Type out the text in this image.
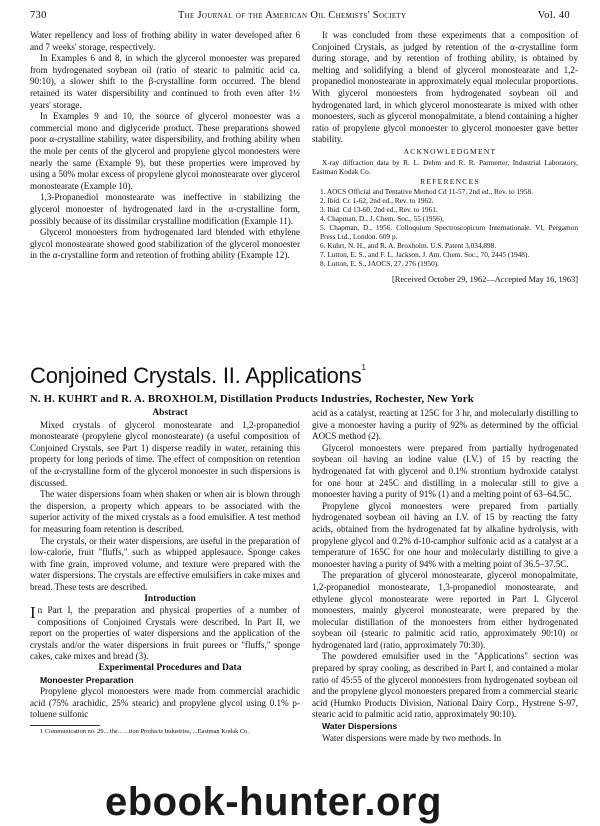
730	The Journal of the American Oil Chemists' Society	Vol. 40

Water repellency and loss of frothing ability in water developed after 6 and 7 weeks' storage, respectively.

In Examples 6 and 8, in which the glycerol monoester was prepared from hydrogenated soybean oil (ratio of stearic to palmitic acid ca. 90:10), a slower shift to the β-crystalline form occurred. The blend retained its water dispersibility and continued to froth even after 1½ years' storage.

In Examples 9 and 10, the source of glycerol monoester was a commercial mono and diglyceride product. These preparations showed poor α-crystalline stability, water dispersibility, and frothing ability when the mole per cents of the glycerol and propylene glycol monoesters were nearly the same (Example 9), but these properties were improved by using a 50% molar excess of propylene glycol monostearate over glycerol monostearate (Example 10).

1,3-Propanediol monostearate was ineffective in stabilizing the glycerol monoester of hydrogenated lard in the α-crystalline form, possibly because of its dissimilar crystalline modification (Example 11).

Glycerol monoesters from hydrogenated lard blended with ethylene glycol monostearate showed good stabilization of the glycerol monoester in the α-crystalline form and retention of frothing ability (Example 12).

It was concluded from these experiments that a composition of Conjoined Crystals, as judged by retention of the α-crystalline form during storage, and by retention of frothing ability, is obtained by melting and solidifying a blend of glycerol monostearate and 1,2-propanediol monostearate in approximately equal molecular proportions. With glycerol monoesters from hydrogenated soybean oil and hydrogenated lard, in which glycerol monostearate is mixed with other monoesters, such as glycerol monopalmitate, a blend containing a higher ratio of propylene glycol monoester to glycerol monoester gave better stability.

ACKNOWLEDGMENT

X-ray diffraction data by R. L. Dehm and R. R. Parmerter, Industrial Laboratory, Eastman Kodak Co.

REFERENCES

1. AOCS Official and Tentative Method Cd 11-57, 2nd ed., Rev. to 1958.
2. Ibid. Cc 1-62, 2nd ed., Rev. to 1962.
3. Ibid. Cd 13-60, 2nd ed., Rev. to 1961.
4. Chapman, D., J. Chem. Soc., 55 (1956).
5. Chapman, D., 1956. Colloquium Spectroscopicum Internationale. VI, Pergamon Press Ltd., London. 609 p.
6. Kuhrt, N. H., and R. A. Broxholm. U.S. Patent 3,034,898.
7. Lutton, E. S., and F. L. Jackson, J. Am. Chem. Soc., 70, 2445 (1948).
8. Lutton, E. S., JAOCS, 27, 276 (1950).
[Received October 29, 1962—Accepted May 16, 1963]
Conjoined Crystals. II. Applications$^1$
N. H. KUHRT and R. A. BROXHOLM, Distillation Products Industries, Rochester, New York

Abstract

Mixed crystals of glycerol monostearate and 1,2-propanediol monostearate (propylene glycol monostearate) (a useful composition of Conjoined Crystals, see Part 1) disperse readily in water, retaining this property for long periods of time. The effect of composition on retention of the α-crystalline form of the glycerol monoester in such dispersions is discussed.

The water dispersions foam when shaken or when air is blown through the dispersion, a property which appears to be associated with the superior activity of the mixed crystals as a food emulsifier. A test method for measuring foam retention is described.

The crystals, or their water dispersions, are useful in the preparation of low-calorie, fruit "fluffs," such as whipped applesauce. Sponge cakes with fine grain, improved volume, and texture were prepared with the water dispersions. The crystals are effective emulsifiers in cake mixes and bread. These tests are described.

Introduction

In Part I, the preparation and physical properties of a number of compositions of Conjoined Crystals were described. In Part II, we report on the properties of water dispersions and the application of the crystals and/or the water dispersions in fruit purees or "fluffs," sponge cakes, cake mixes and bread (3).

Experimental Procedures and Data

Monoester Preparation

Propylene glycol monoesters were made from commercial arachidic acid (75% arachidic, 25% stearic) and propylene glycol using 0.1% p-toluene sulfonic

1 Communication no. 29... the... ...tion Products Industries, ...Eastman Kodak Co.

acid as a catalyst, reacting at 125C for 3 hr, and molecularly distilling to give a monoester having a purity of 92% as determined by the official AOCS method (2).

Glycerol monoesters were prepared from partially hydrogenated soybean oil having an iodine value (I.V.) of 15 by reacting the hydrogenated fat with glycerol and 0.1% strontium hydroxide catalyst for one hour at 245C and distilling in a molecular still to give a monoester having a purity of 91% (1) and a melting point of 63–64.5C.

Propylene glycol monoesters were prepared from partially hydrogenated soybean oil having an I.V. of 15 by reacting the fatty acids, obtained from the hydrogenated fat by alkaline hydrolysis, with propylene glycol and 0.2% d-10-camphor sulfonic acid as a catalyst at a temperature of 165C for one hour and molecularly distilling to give a monoester having a purity of 94% with a melting point of 36.5–37.5C.

The preparation of glycerol monostearate, glycerol monopalmitate, 1,2-propanediol monostearate, 1,3-propanediol monostearate, and ethylene glycol monostearate were reported in Part I. Glycerol monoesters, mainly glycerol monostearate, were prepared by the molecular distillation of the monoesters from either hydrogenated soybean oil (stearic to palmitic acid ratio, approximately 90:10) or hydrogenated lard (ratio, approximately 70:30).

The powdered emulsifier used in the "Applications" section was prepared by spray cooling, as described in Part I, and contained a molar ratio of 45:55 of the glycerol monoesters from hydrogenated soybean oil and the propylene glycol monoesters prepared from a commercial stearic acid (Humko Products Division, National Dairy Corp., Hystrene S-97, stearic acid to palmitic acid ratio, approximately 90:10).

Water Dispersions

Water dispersions were made by two methods. In

ebook-hunter.org
